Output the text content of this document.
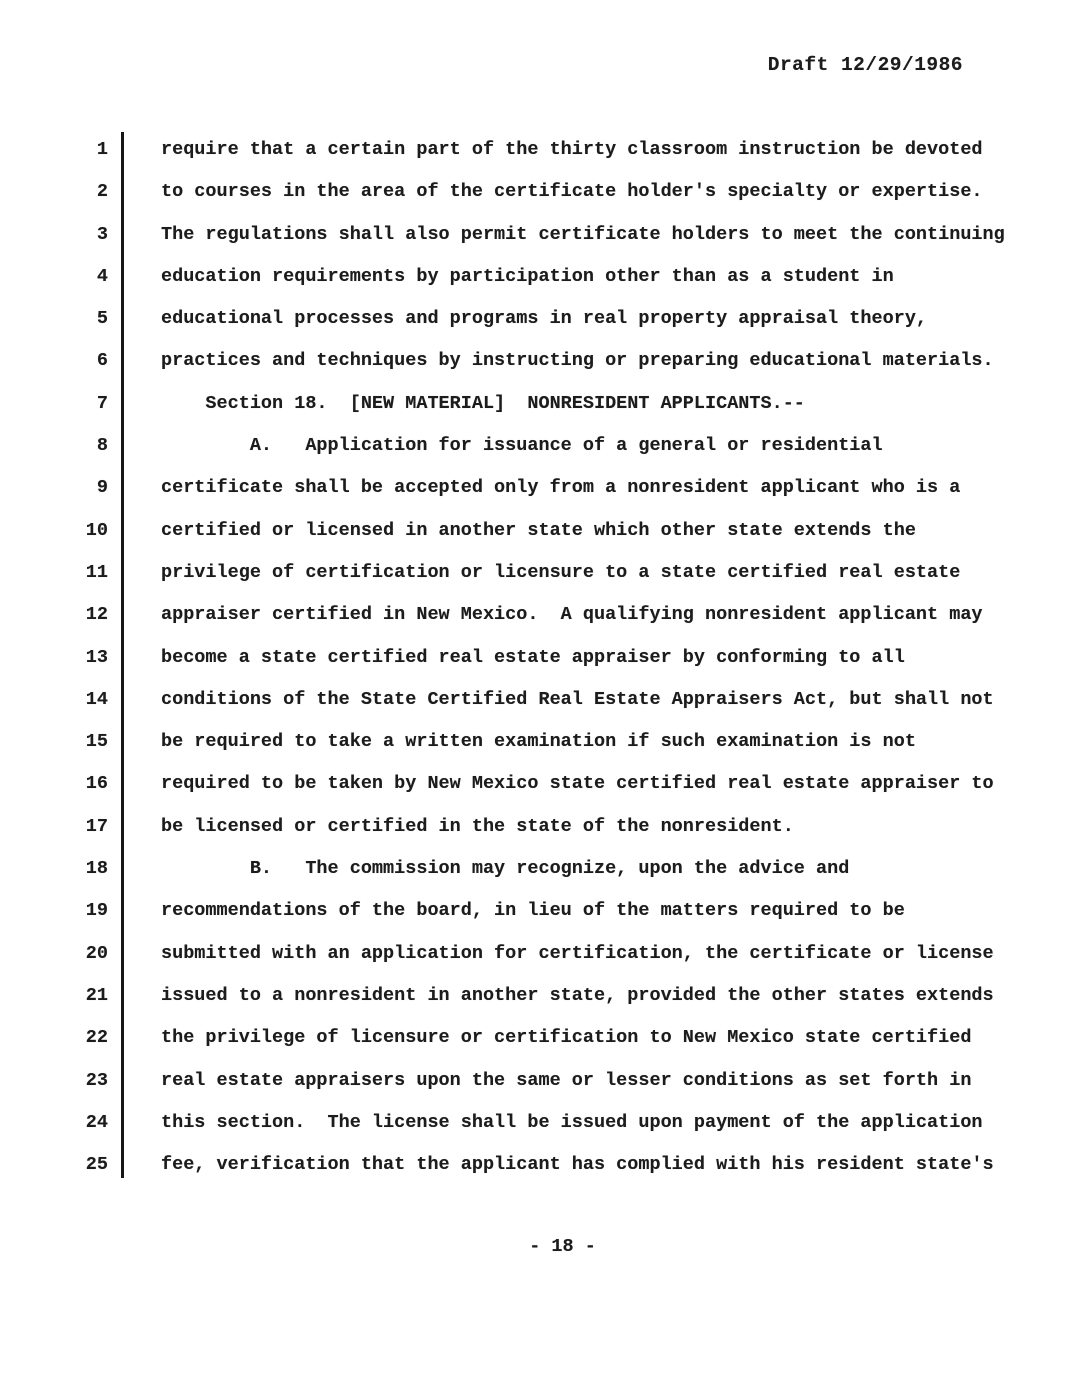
Draft 12/29/1986
1
2
3
4
5
6
7
8
9
10
11
12
13
14
15
16
17
18
19
20
21
22
23
24
25
require that a certain part of the thirty classroom instruction be devoted
to courses in the area of the certificate holder's specialty or expertise.
The regulations shall also permit certificate holders to meet the continuing
education requirements by participation other than as a student in
educational processes and programs in real property appraisal theory,
practices and techniques by instructing or preparing educational materials.
Section 18.  [NEW MATERIAL]  NONRESIDENT APPLICANTS.--
A.   Application for issuance of a general or residential
certificate shall be accepted only from a nonresident applicant who is a
certified or licensed in another state which other state extends the
privilege of certification or licensure to a state certified real estate
appraiser certified in New Mexico.  A qualifying nonresident applicant may
become a state certified real estate appraiser by conforming to all
conditions of the State Certified Real Estate Appraisers Act, but shall not
be required to take a written examination if such examination is not
required to be taken by New Mexico state certified real estate appraiser to
be licensed or certified in the state of the nonresident.
B.   The commission may recognize, upon the advice and
recommendations of the board, in lieu of the matters required to be
submitted with an application for certification, the certificate or license
issued to a nonresident in another state, provided the other states extends
the privilege of licensure or certification to New Mexico state certified
real estate appraisers upon the same or lesser conditions as set forth in
this section.  The license shall be issued upon payment of the application
fee, verification that the applicant has complied with his resident state's
- 18 -
